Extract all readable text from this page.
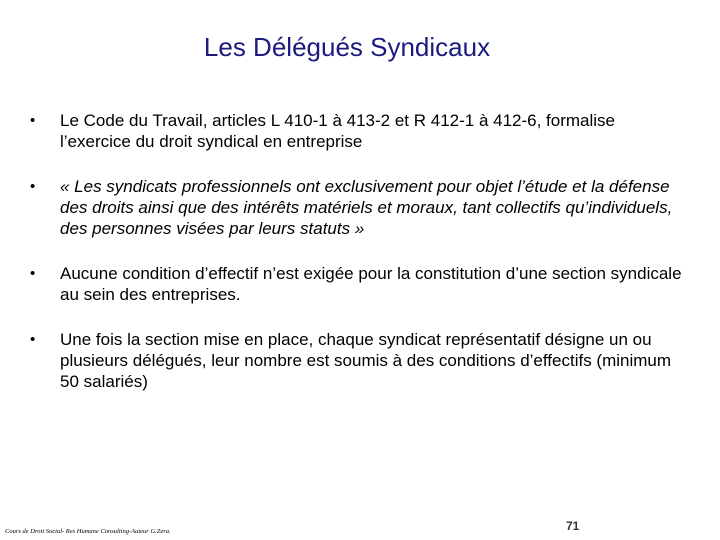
Les Délégués Syndicaux
•	Le Code du Travail, articles L 410-1 à 413-2 et R 412-1 à 412-6, formalise l’exercice du droit syndical en entreprise
•	« Les syndicats professionnels ont exclusivement pour objet l’étude et la défense des droits ainsi que des intérêts matériels et moraux, tant collectifs qu’individuels, des personnes visées par leurs statuts »
•	Aucune condition d’effectif n’est exigée pour la constitution d’une section syndicale au sein des entreprises.
•	Une fois la section mise en place, chaque syndicat représentatif désigne un ou plusieurs délégués, leur nombre est soumis à des conditions d’effectifs (minimum 50 salariés)
Cours de Droit Social- Res Humane Consulting-Auteur G.Zera.	71
